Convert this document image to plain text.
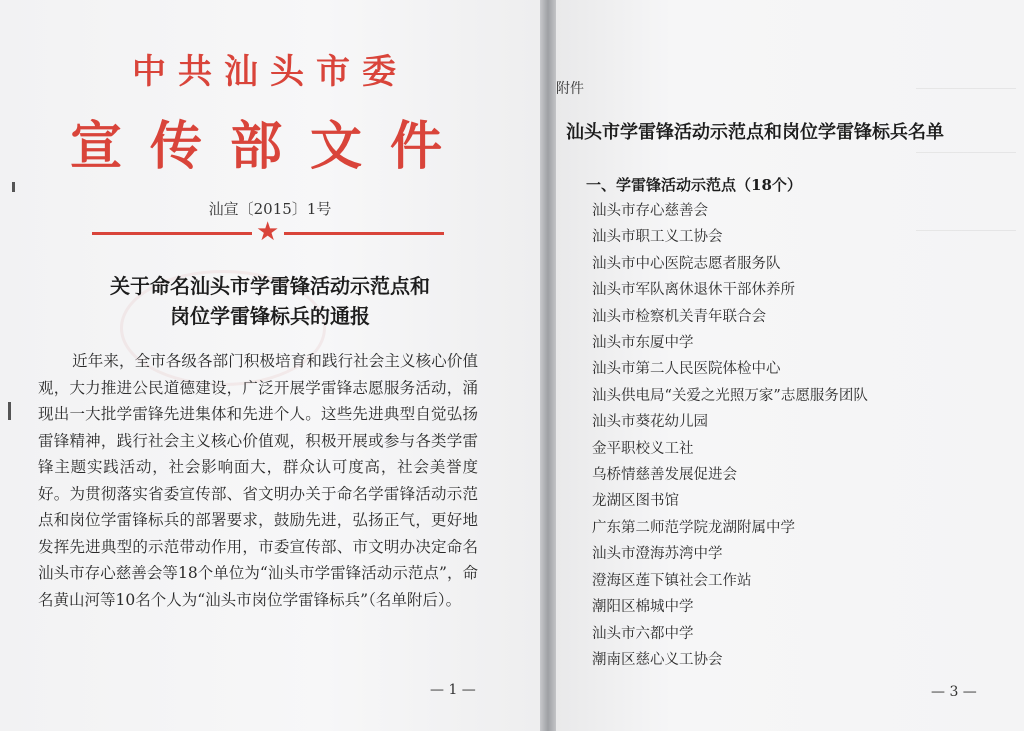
中共汕头市委
宣传部文件
汕宣〔2015〕1号
★
关于命名汕头市学雷锋活动示范点和
岗位学雷锋标兵的通报
近年来，全市各级各部门积极培育和践行社会主义核心价值观，大力推进公民道德建设，广泛开展学雷锋志愿服务活动，涌现出一大批学雷锋先进集体和先进个人。这些先进典型自觉弘扬雷锋精神，践行社会主义核心价值观，积极开展或参与各类学雷锋主题实践活动，社会影响面大，群众认可度高，社会美誉度好。为贯彻落实省委宣传部、省文明办关于命名学雷锋活动示范点和岗位学雷锋标兵的部署要求，鼓励先进，弘扬正气，更好地发挥先进典型的示范带动作用，市委宣传部、市文明办决定命名汕头市存心慈善会等18个单位为“汕头市学雷锋活动示范点”，命名黄山河等10名个人为“汕头市岗位学雷锋标兵”（名单附后）。
— 1 —
附件
汕头市学雷锋活动示范点和岗位学雷锋标兵名单
一、学雷锋活动示范点（18个）
汕头市存心慈善会
汕头市职工义工协会
汕头市中心医院志愿者服务队
汕头市军队离休退休干部休养所
汕头市检察机关青年联合会
汕头市东厦中学
汕头市第二人民医院体检中心
汕头供电局“关爱之光照万家”志愿服务团队
汕头市葵花幼儿园
金平职校义工社
乌桥情慈善发展促进会
龙湖区图书馆
广东第二师范学院龙湖附属中学
汕头市澄海苏湾中学
澄海区莲下镇社会工作站
潮阳区棉城中学
汕头市六都中学
潮南区慈心义工协会
— 3 —
